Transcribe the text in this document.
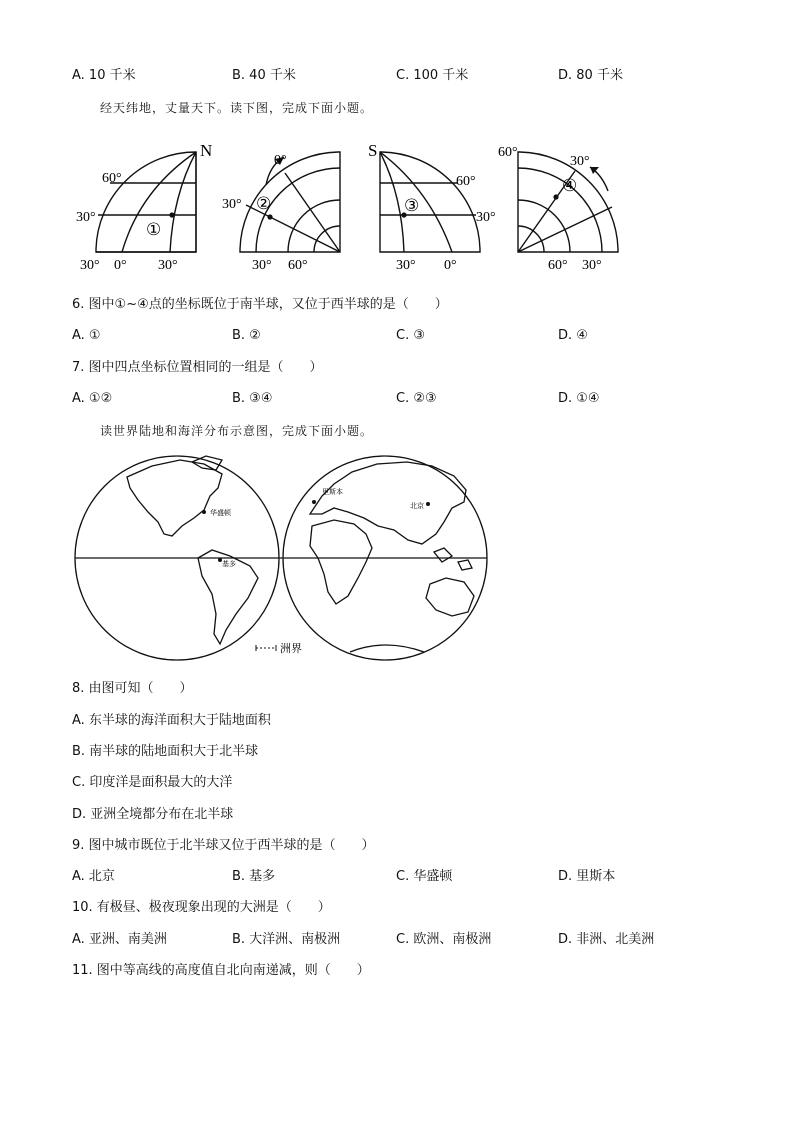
A. 10 千米	B. 40 千米	C. 100 千米	D. 80 千米
经天纬地，丈量天下。读下图，完成下面小题。
N
60°
30°
30° 0° 30°
①
0°
30°
30° 60°
②
S
60°
30°
30° 0°
③
60°
30°
60° 30°
④
6. 图中①~④点的坐标既位于南半球，又位于西半球的是（　　）
A. ①	B. ②	C. ③	D. ④
7. 图中四点坐标位置相同的一组是（　　）
A. ①②	B. ③④	C. ②③	D. ①④
读世界陆地和海洋分布示意图，完成下面小题。
华盛顿
基多
里斯本
北京
洲界
8. 由图可知（　　）
A. 东半球的海洋面积大于陆地面积
B. 南半球的陆地面积大于北半球
C. 印度洋是面积最大的大洋
D. 亚洲全境都分布在北半球
9. 图中城市既位于北半球又位于西半球的是（　　）
A. 北京	B. 基多	C. 华盛顿	D. 里斯本
10. 有极昼、极夜现象出现的大洲是（　　）
A. 亚洲、南美洲	B. 大洋洲、南极洲	C. 欧洲、南极洲	D. 非洲、北美洲
11. 图中等高线的高度值自北向南递减，则（　　）
